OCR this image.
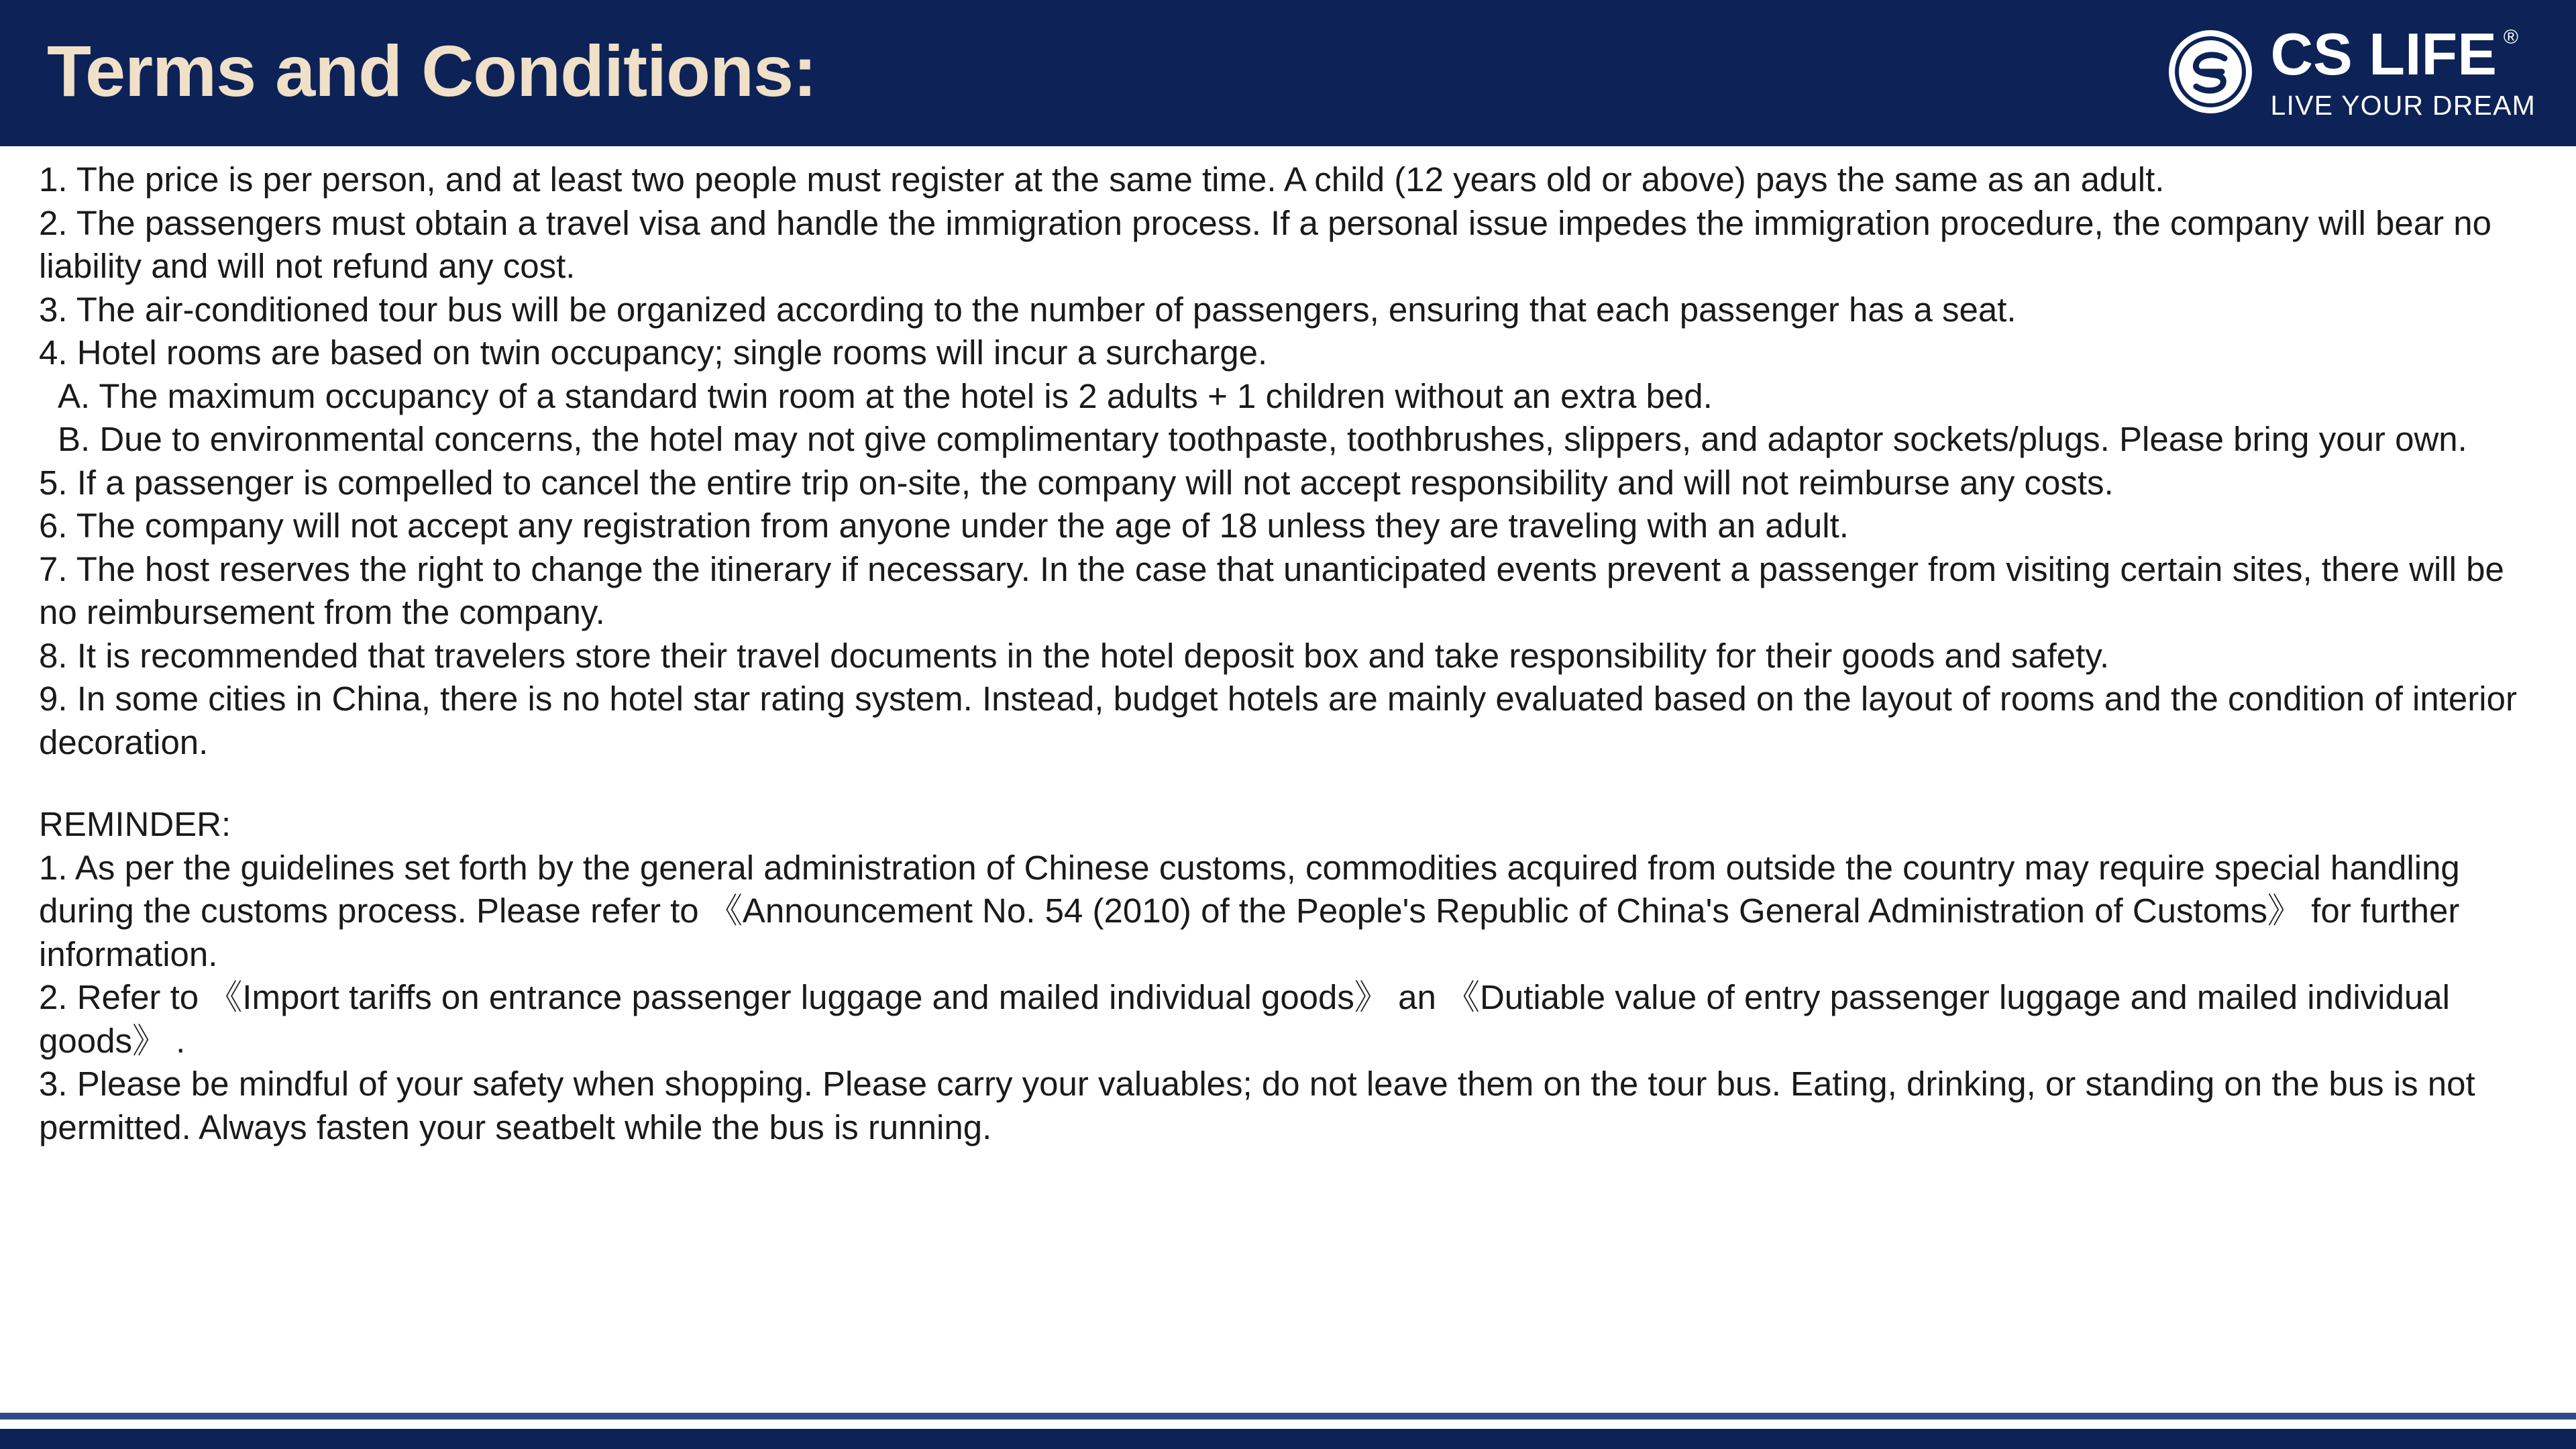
Terms and Conditions:	CS LIFE ®
LIVE YOUR DREAM

1. The price is per person, and at least two people must register at the same time. A child (12 years old or above) pays the same as an adult.

2. The passengers must obtain a travel visa and handle the immigration process. If a personal issue impedes the immigration procedure, the company will bear no liability and will not refund any cost.

3. The air-conditioned tour bus will be organized according to the number of passengers, ensuring that each passenger has a seat.

4. Hotel rooms are based on twin occupancy; single rooms will incur a surcharge.

A. The maximum occupancy of a standard twin room at the hotel is 2 adults + 1 children without an extra bed.

B. Due to environmental concerns, the hotel may not give complimentary toothpaste, toothbrushes, slippers, and adaptor sockets/plugs. Please bring your own.

5. If a passenger is compelled to cancel the entire trip on-site, the company will not accept responsibility and will not reimburse any costs.

6. The company will not accept any registration from anyone under the age of 18 unless they are traveling with an adult.

7. The host reserves the right to change the itinerary if necessary. In the case that unanticipated events prevent a passenger from visiting certain sites, there will be no reimbursement from the company.

8. It is recommended that travelers store their travel documents in the hotel deposit box and take responsibility for their goods and safety.

9. In some cities in China, there is no hotel star rating system. Instead, budget hotels are mainly evaluated based on the layout of rooms and the condition of interior decoration.

REMINDER:

1. As per the guidelines set forth by the general administration of Chinese customs, commodities acquired from outside the country may require special handling during the customs process. Please refer to 《Announcement No. 54 (2010) of the People's Republic of China's General Administration of Customs》 for further information.

2. Refer to 《Import tariffs on entrance passenger luggage and mailed individual goods》 an 《Dutiable value of entry passenger luggage and mailed individual goods》 .

3. Please be mindful of your safety when shopping. Please carry your valuables; do not leave them on the tour bus. Eating, drinking, or standing on the bus is not permitted. Always fasten your seatbelt while the bus is running.
